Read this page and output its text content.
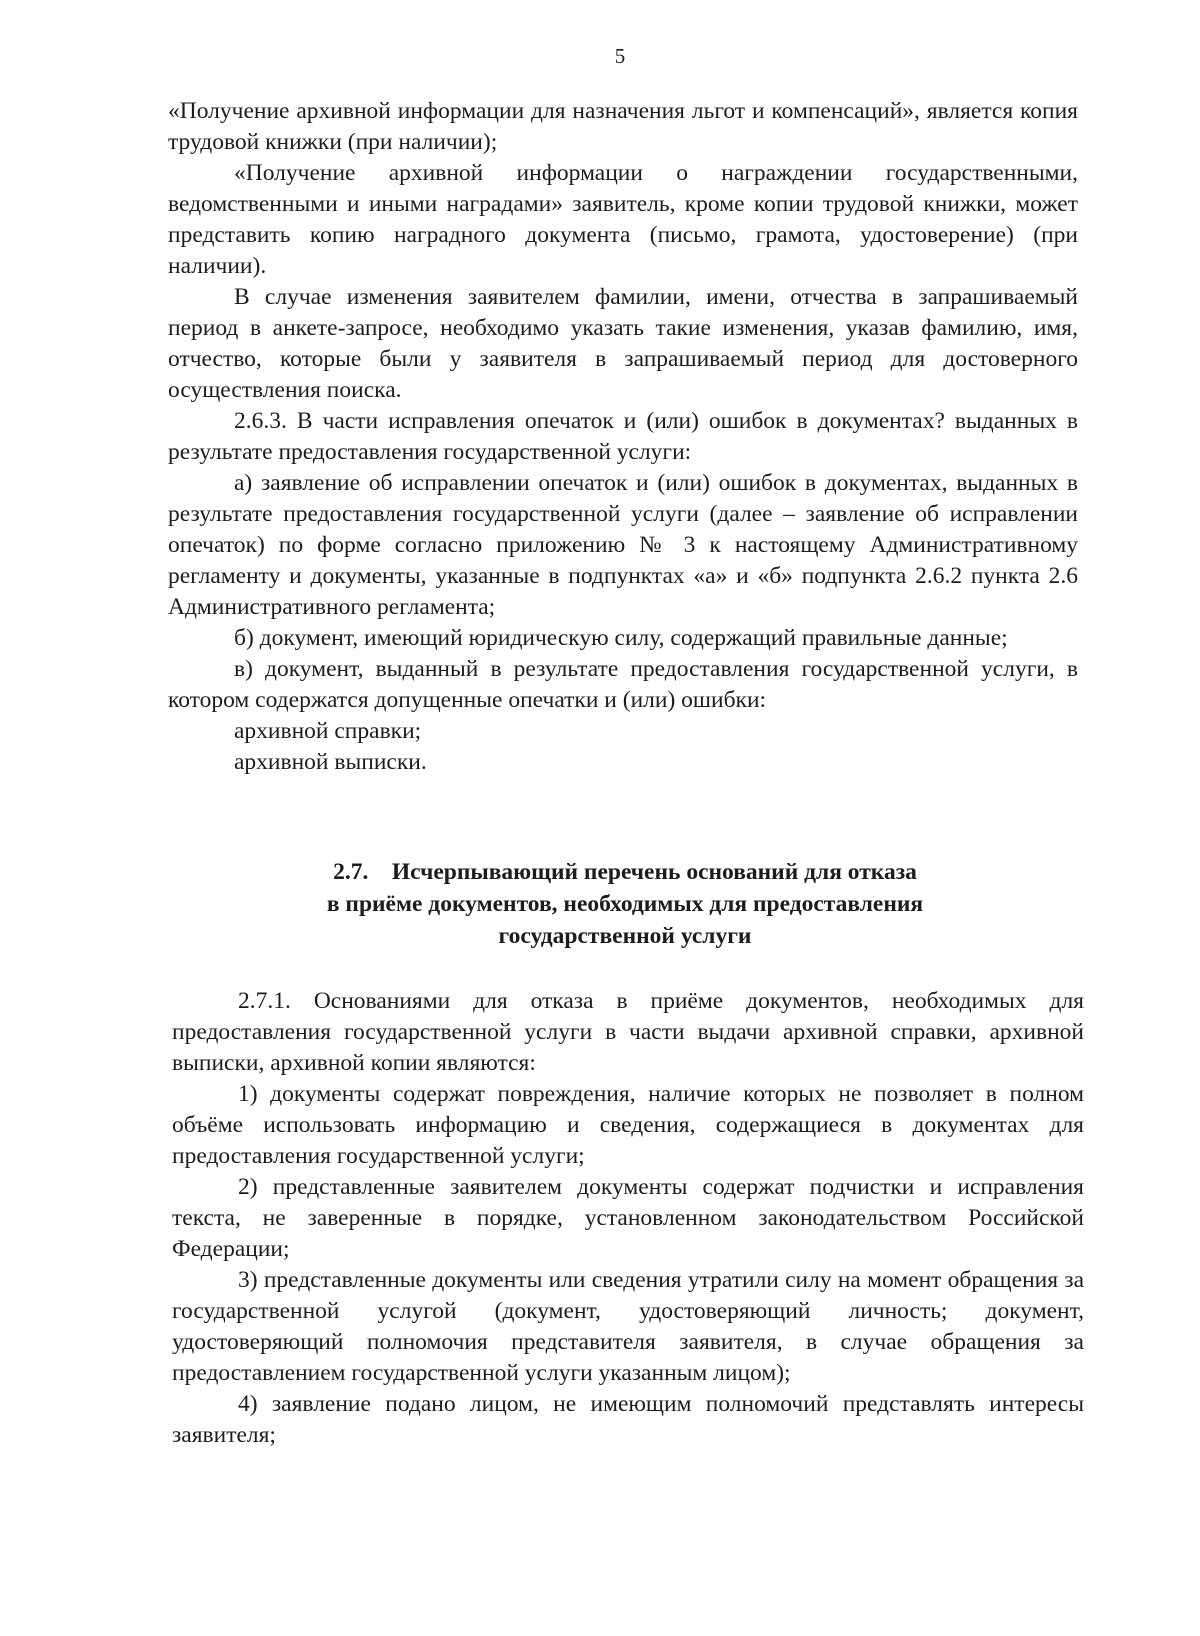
5

«Получение архивной информации для назначения льгот и компенсаций», является копия трудовой книжки (при наличии);

«Получение архивной информации о награждении государственными, ведомственными и иными наградами» заявитель, кроме копии трудовой книжки, может представить копию наградного документа (письмо, грамота, удостоверение) (при наличии).

В случае изменения заявителем фамилии, имени, отчества в запрашиваемый период в анкете-запросе, необходимо указать такие изменения, указав фамилию, имя, отчество, которые были у заявителя в запрашиваемый период для достоверного осуществления поиска.

2.6.3. В части исправления опечаток и (или) ошибок в документах? выданных в результате предоставления государственной услуги:

а) заявление об исправлении опечаток и (или) ошибок в документах, выданных в результате предоставления государственной услуги (далее – заявление об исправлении опечаток) по форме согласно приложению № 3 к настоящему Административному регламенту и документы, указанные в подпунктах «а» и «б» подпункта 2.6.2 пункта 2.6 Административного регламента;

б) документ, имеющий юридическую силу, содержащий правильные данные;

в) документ, выданный в результате предоставления государственной услуги, в котором содержатся допущенные опечатки и (или) ошибки:

архивной справки;

архивной выписки.

2.7.    Исчерпывающий перечень оснований для отказа
в приёме документов, необходимых для предоставления
государственной услуги

2.7.1. Основаниями для отказа в приёме документов, необходимых для предоставления государственной услуги в части выдачи архивной справки, архивной выписки, архивной копии являются:

1) документы содержат повреждения, наличие которых не позволяет в полном объёме использовать информацию и сведения, содержащиеся в документах для предоставления государственной услуги;

2) представленные заявителем документы содержат подчистки и исправления текста, не заверенные в порядке, установленном законодательством Российской Федерации;

3) представленные документы или сведения утратили силу на момент обращения за государственной услугой (документ, удостоверяющий личность; документ, удостоверяющий полномочия представителя заявителя, в случае обращения за предоставлением государственной услуги указанным лицом);

4) заявление подано лицом, не имеющим полномочий представлять интересы заявителя;
